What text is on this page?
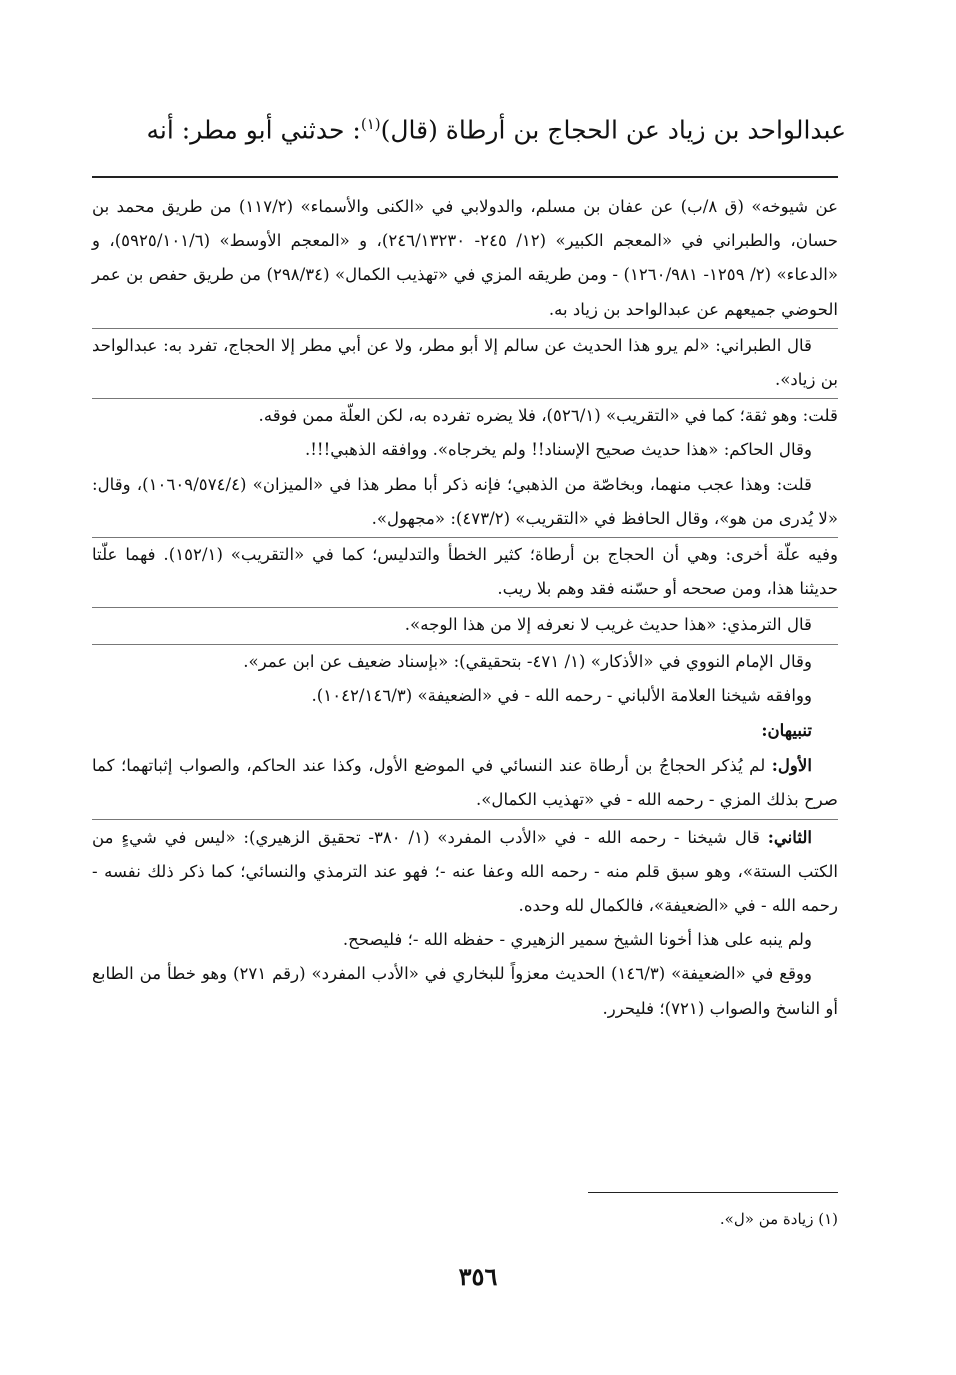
عبدالواحد بن زياد عن الحجاج بن أرطاة (قال)$^{(١)}$: حدثني أبو مطر: أنه

عن شيوخه» (ق ٨/ب) عن عفان بن مسلم، والدولابي في «الكنى والأسماء» (١١٧/٢) من طريق محمد بن حسان، والطبراني في «المعجم الكبير» (١٢/ ٢٤٥- ٢٤٦/١٣٢٣٠)، و «المعجم الأوسط» (٥٩٢٥/١٠١/٦)، و «الدعاء» (٢/ ١٢٥٩- ١٢٦٠/٩٨١) - ومن طريقه المزي في «تهذيب الكمال» (٢٩٨/٣٤) من طريق حفص بن عمر الحوضي جميعهم عن عبدالواحد بن زياد به.

قال الطبراني: «لم يرو هذا الحديث عن سالم إلا أبو مطر، ولا عن أبي مطر إلا الحجاج، تفرد به: عبدالواحد بن زياد».

قلت: وهو ثقة؛ كما في «التقريب» (٥٢٦/١)، فلا يضره تفرده به، لكن العلّة ممن فوقه.

وقال الحاكم: «هذا حديث صحيح الإسناد!! ولم يخرجاه». ووافقه الذهبي!!!.

قلت: وهذا عجب منهما، وبخاصّة من الذهبي؛ فإنه ذكر أبا مطر هذا في «الميزان» (١٠٦٠٩/٥٧٤/٤)، وقال: «لا يُدرى من هو»، وقال الحافظ في «التقريب» (٤٧٣/٢): «مجهول».

وفيه علّة أخرى: وهي أن الحجاج بن أرطاة؛ كثير الخطأ والتدليس؛ كما في «التقريب» (١٥٢/١). فهما علّتا حديثنا هذا، ومن صححه أو حسّنه فقد وهم بلا ريب.

قال الترمذي: «هذا حديث غريب لا نعرفه إلا من هذا الوجه».

وقال الإمام النووي في «الأذكار» (١/ ٤٧١- بتحقيقي): «بإسناد ضعيف عن ابن عمر».

ووافقه شيخنا العلامة الألباني - رحمه الله - في «الضعيفة» (١٠٤٢/١٤٦/٣).

تنبيهان:

الأول: لم يُذكر الحجاجُ بن أرطاة عند النسائي في الموضع الأول، وكذا عند الحاكم، والصواب إثباتهما؛ كما صرح بذلك المزي - رحمه الله - في «تهذيب الكمال».

الثاني: قال شيخنا - رحمه الله - في «الأدب المفرد» (١/ ٣٨٠- تحقيق الزهيري): «ليس في شيءٍ من الكتب الستة»، وهو سبق قلم منه - رحمه الله وعفا عنه -؛ فهو عند الترمذي والنسائي؛ كما ذكر ذلك نفسه - رحمه الله - في «الضعيفة»، فالكمال لله وحده.

ولم ينبه على هذا أخونا الشيخ سمير الزهيري - حفظه الله -؛ فليصحح.

ووقع في «الضعيفة» (١٤٦/٣) الحديث معزواً للبخاري في «الأدب المفرد» (رقم ٢٧١) وهو خطأ من الطابع أو الناسخ والصواب (٧٢١)؛ فليحرر.

(١) زيادة من «ل».
٣٥٦
